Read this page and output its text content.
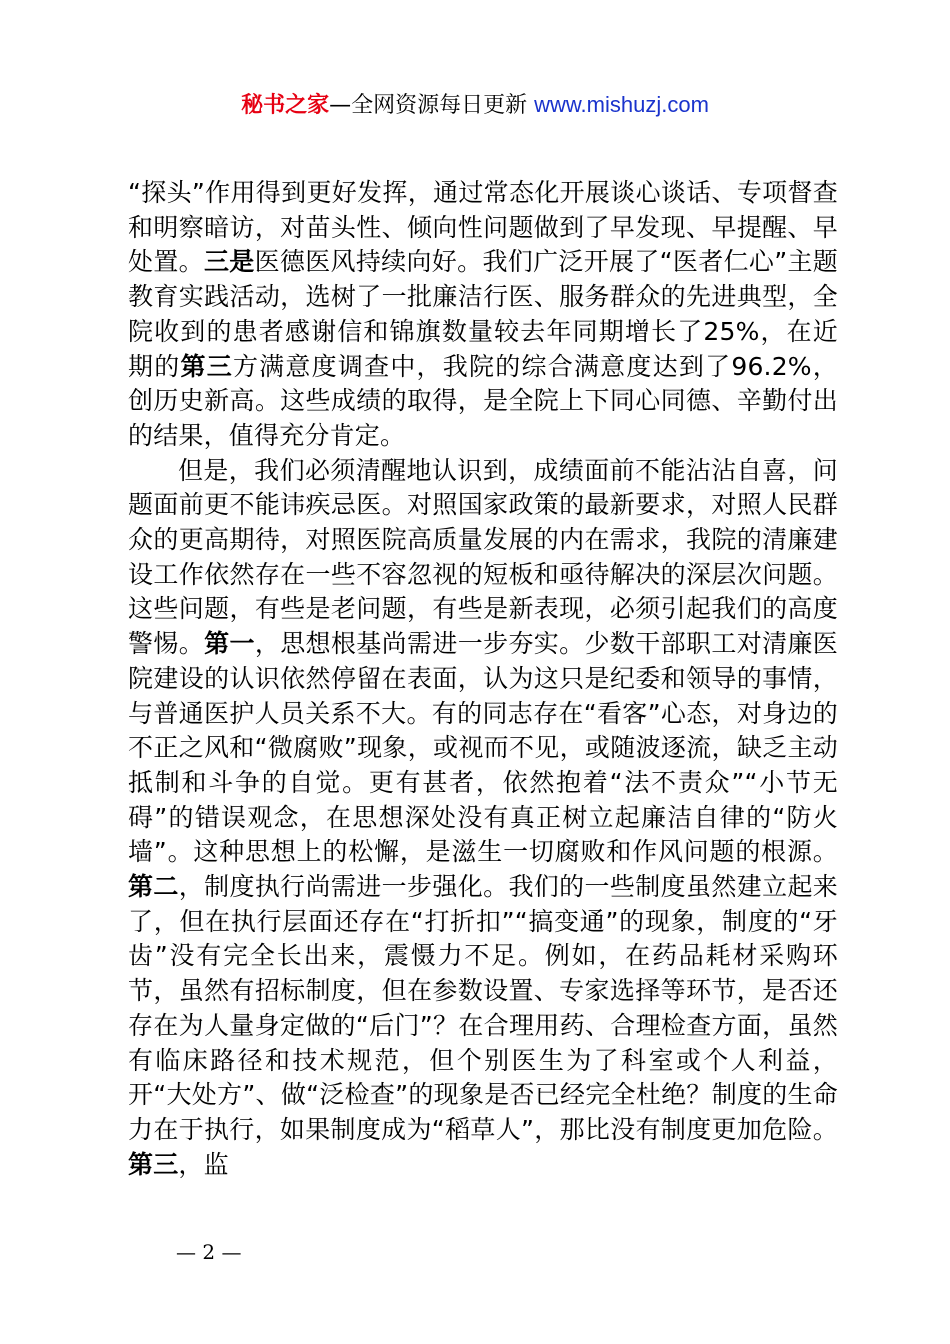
秘书之家—全网资源每日更新 www.mishuzj.com

“探头”作用得到更好发挥，通过常态化开展谈心谈话、专项督查和明察暗访，对苗头性、倾向性问题做到了早发现、早提醒、早处置。三是医德医风持续向好。我们广泛开展了“医者仁心”主题教育实践活动，选树了一批廉洁行医、服务群众的先进典型，全院收到的患者感谢信和锦旗数量较去年同期增长了25%，在近期的第三方满意度调查中，我院的综合满意度达到了96.2%，创历史新高。这些成绩的取得，是全院上下同心同德、辛勤付出的结果，值得充分肯定。

但是，我们必须清醒地认识到，成绩面前不能沾沾自喜，问题面前更不能讳疾忌医。对照国家政策的最新要求，对照人民群众的更高期待，对照医院高质量发展的内在需求，我院的清廉建设工作依然存在一些不容忽视的短板和亟待解决的深层次问题。这些问题，有些是老问题，有些是新表现，必须引起我们的高度警惕。第一，思想根基尚需进一步夯实。少数干部职工对清廉医院建设的认识依然停留在表面，认为这只是纪委和领导的事情，与普通医护人员关系不大。有的同志存在“看客”心态，对身边的不正之风和“微腐败”现象，或视而不见，或随波逐流，缺乏主动抵制和斗争的自觉。更有甚者，依然抱着“法不责众”“小节无碍”的错误观念，在思想深处没有真正树立起廉洁自律的“防火墙”。这种思想上的松懈，是滋生一切腐败和作风问题的根源。第二，制度执行尚需进一步强化。我们的一些制度虽然建立起来了，但在执行层面还存在“打折扣”“搞变通”的现象，制度的“牙齿”没有完全长出来，震慑力不足。例如，在药品耗材采购环节，虽然有招标制度，但在参数设置、专家选择等环节，是否还存在为人量身定做的“后门”？在合理用药、合理检查方面，虽然有临床路径和技术规范，但个别医生为了科室或个人利益，开“大处方”、做“泛检查”的现象是否已经完全杜绝？制度的生命力在于执行，如果制度成为“稻草人”，那比没有制度更加危险。第三，监

— 2 —
